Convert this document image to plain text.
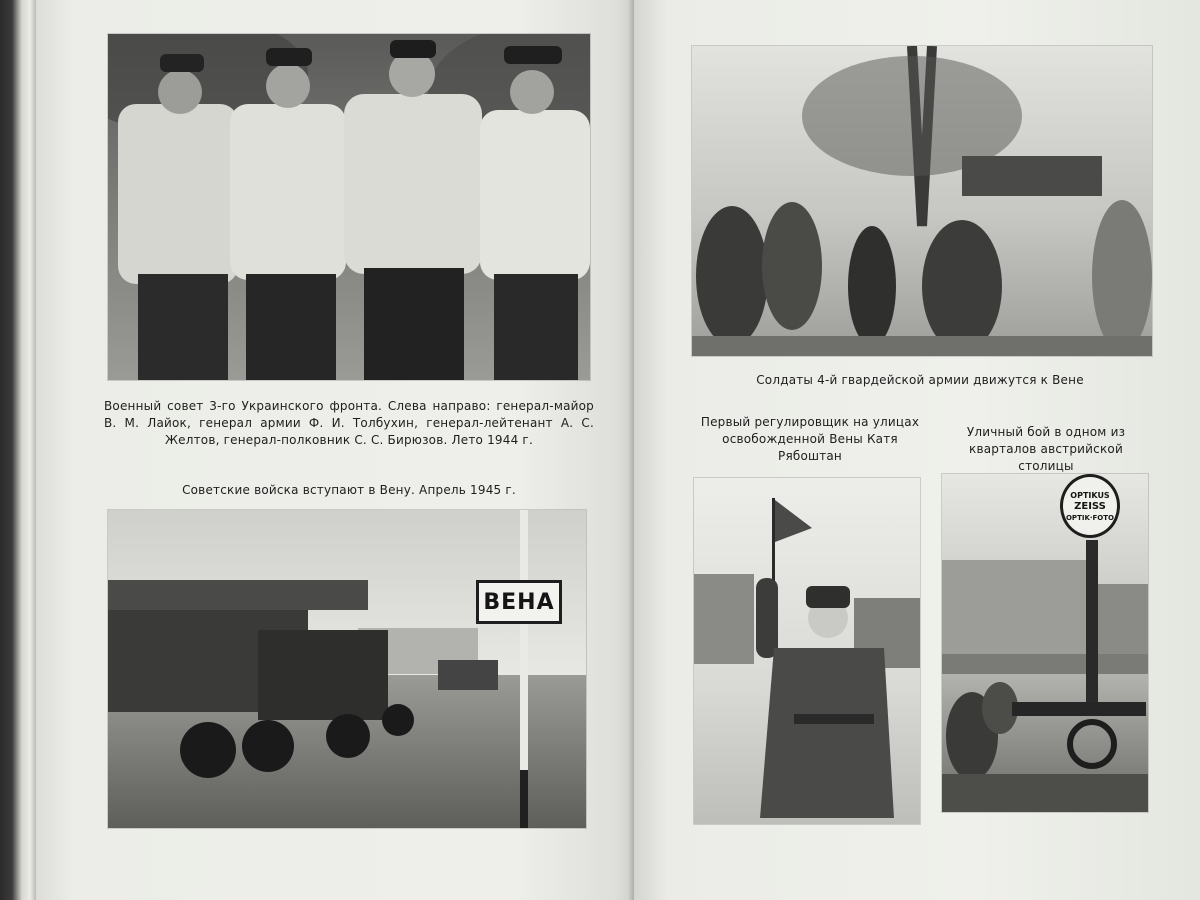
Военный совет 3-го Украинского фронта. Слева направо: генерал-майор В. М. Лайок, генерал армии Ф. И. Толбухин, генерал-лейтенант А. С. Желтов, генерал-полковник С. С. Бирюзов. Лето 1944 г.
Советские войска вступают в Вену. Апрель 1945 г.
ВЕНА
Солдаты 4-й гвардейской армии движутся к Вене
Первый регулировщик на улицах освобожденной Вены Катя Рябоштан
Уличный бой в одном из кварталов австрийской столицы
OPTIKUS
ZEISS
OPTIK·FOTO
